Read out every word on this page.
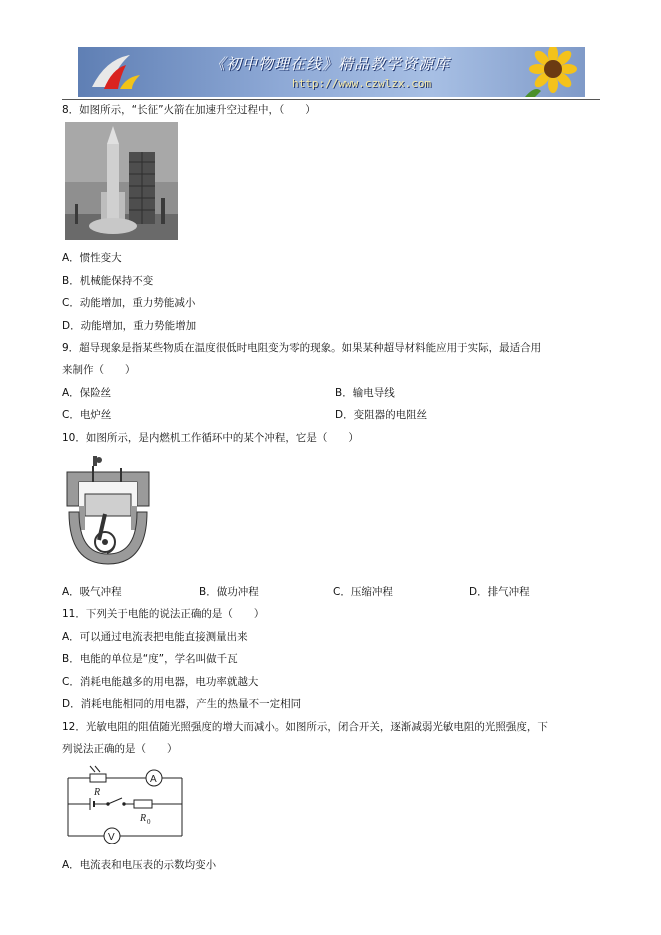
《初中物理在线》精品教学资源库
http://www.czwlzx.com
8．如图所示，“长征”火箭在加速升空过程中，（　　）
A．惯性变大
B．机械能保持不变
C．动能增加，重力势能减小
D．动能增加，重力势能增加
9．超导现象是指某些物质在温度很低时电阻变为零的现象。如果某种超导材料能应用于实际，最适合用
来制作（　　）
A．保险丝	B．输电导线
C．电炉丝	D．变阻器的电阻丝
10．如图所示，是内燃机工作循环中的某个冲程，它是（　　）
A．吸气冲程	B．做功冲程	C．压缩冲程	D．排气冲程
11．下列关于电能的说法正确的是（　　）
A．可以通过电流表把电能直接测量出来
B．电能的单位是“度”，学名叫做千瓦
C．消耗电能越多的用电器，电功率就越大
D．消耗电能相同的用电器，产生的热量不一定相同
12．光敏电阻的阻值随光照强度的增大而减小。如图所示，闭合开关，逐渐减弱光敏电阻的光照强度，下
列说法正确的是（　　）
R
R 0
A
V
A．电流表和电压表的示数均变小
